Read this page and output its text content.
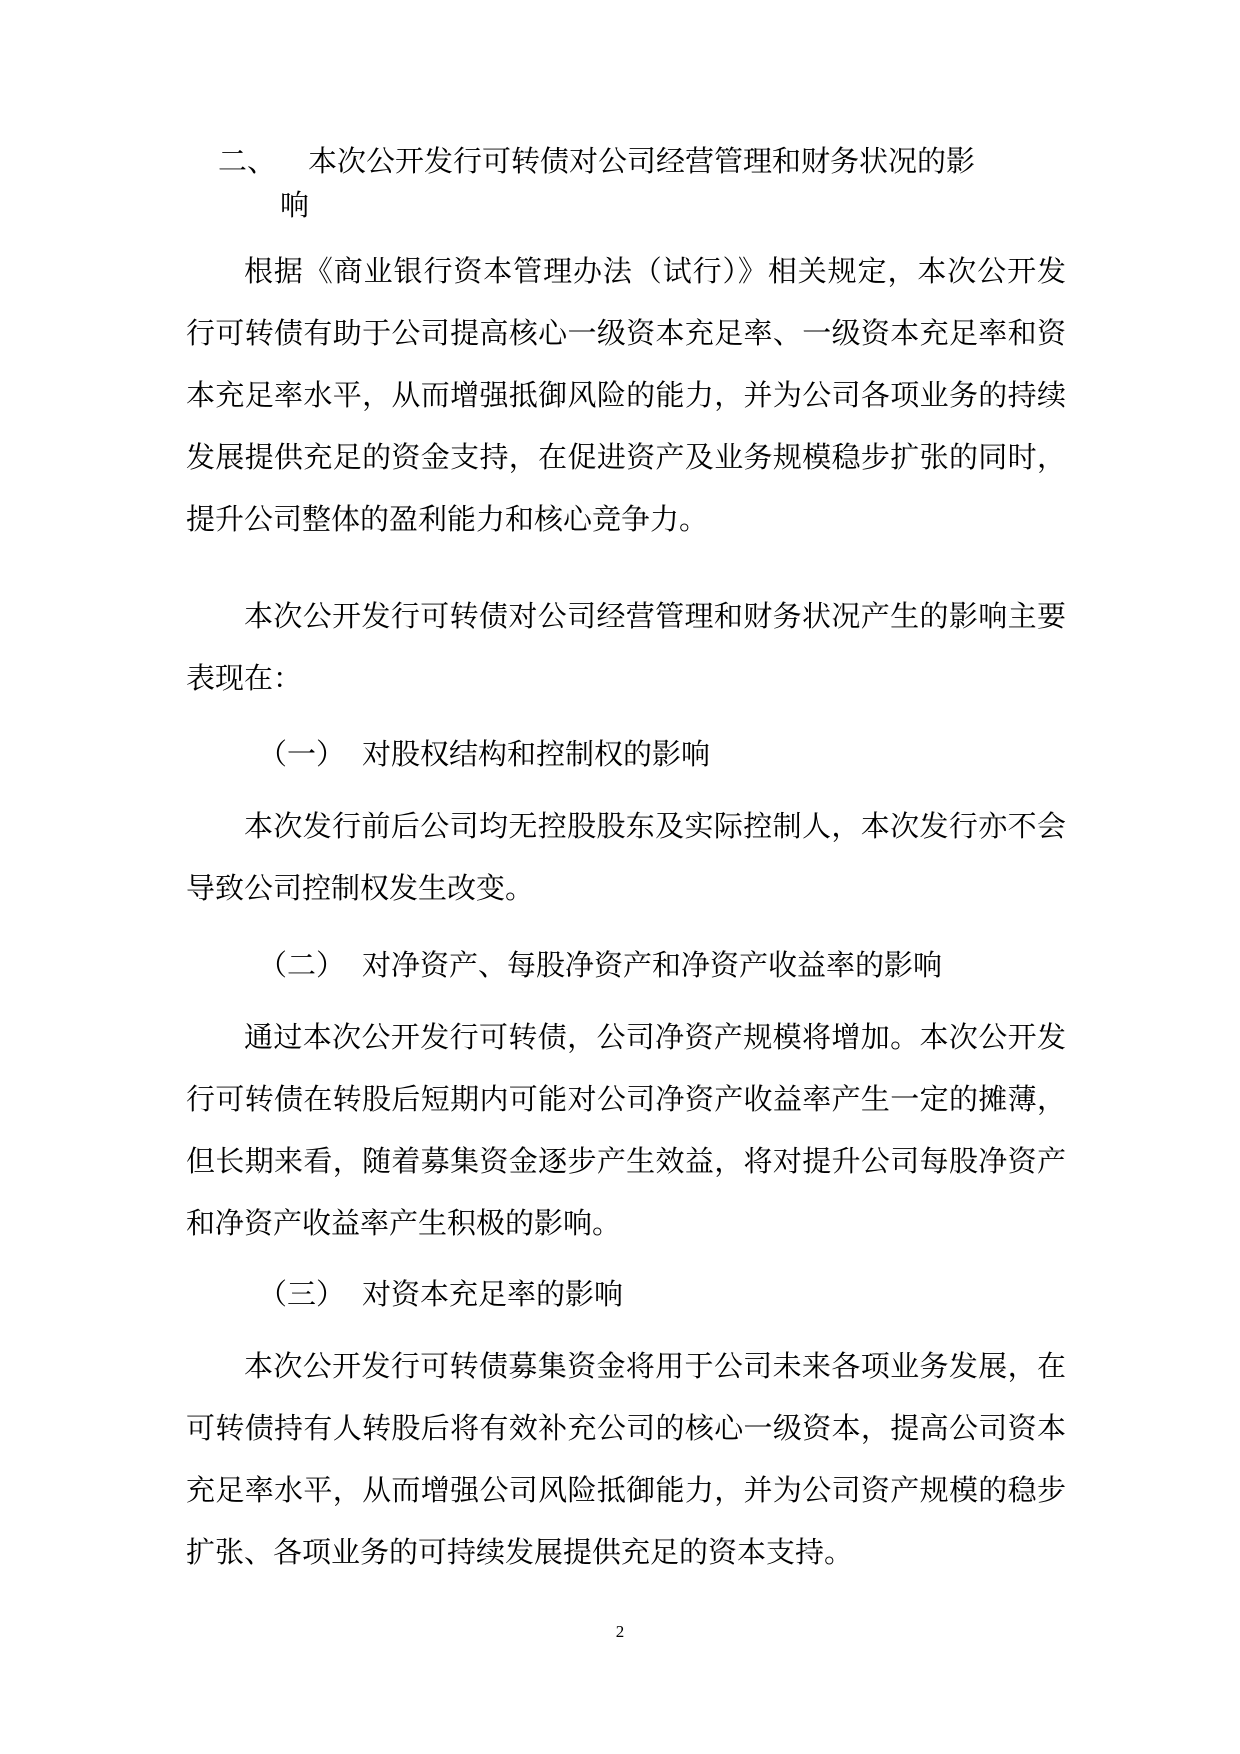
二、 本次公开发行可转债对公司经营管理和财务状况的影
响

根据《商业银行资本管理办法（试行）》相关规定，本次公开发行可转债有助于公司提高核心一级资本充足率、一级资本充足率和资本充足率水平，从而增强抵御风险的能力，并为公司各项业务的持续发展提供充足的资金支持，在促进资产及业务规模稳步扩张的同时，提升公司整体的盈利能力和核心竞争力。

本次公开发行可转债对公司经营管理和财务状况产生的影响主要表现在：

（一） 对股权结构和控制权的影响

本次发行前后公司均无控股股东及实际控制人，本次发行亦不会导致公司控制权发生改变。

（二） 对净资产、每股净资产和净资产收益率的影响

通过本次公开发行可转债，公司净资产规模将增加。本次公开发行可转债在转股后短期内可能对公司净资产收益率产生一定的摊薄，但长期来看，随着募集资金逐步产生效益，将对提升公司每股净资产和净资产收益率产生积极的影响。

（三） 对资本充足率的影响

本次公开发行可转债募集资金将用于公司未来各项业务发展，在可转债持有人转股后将有效补充公司的核心一级资本，提高公司资本充足率水平，从而增强公司风险抵御能力，并为公司资产规模的稳步扩张、各项业务的可持续发展提供充足的资本支持。

2
